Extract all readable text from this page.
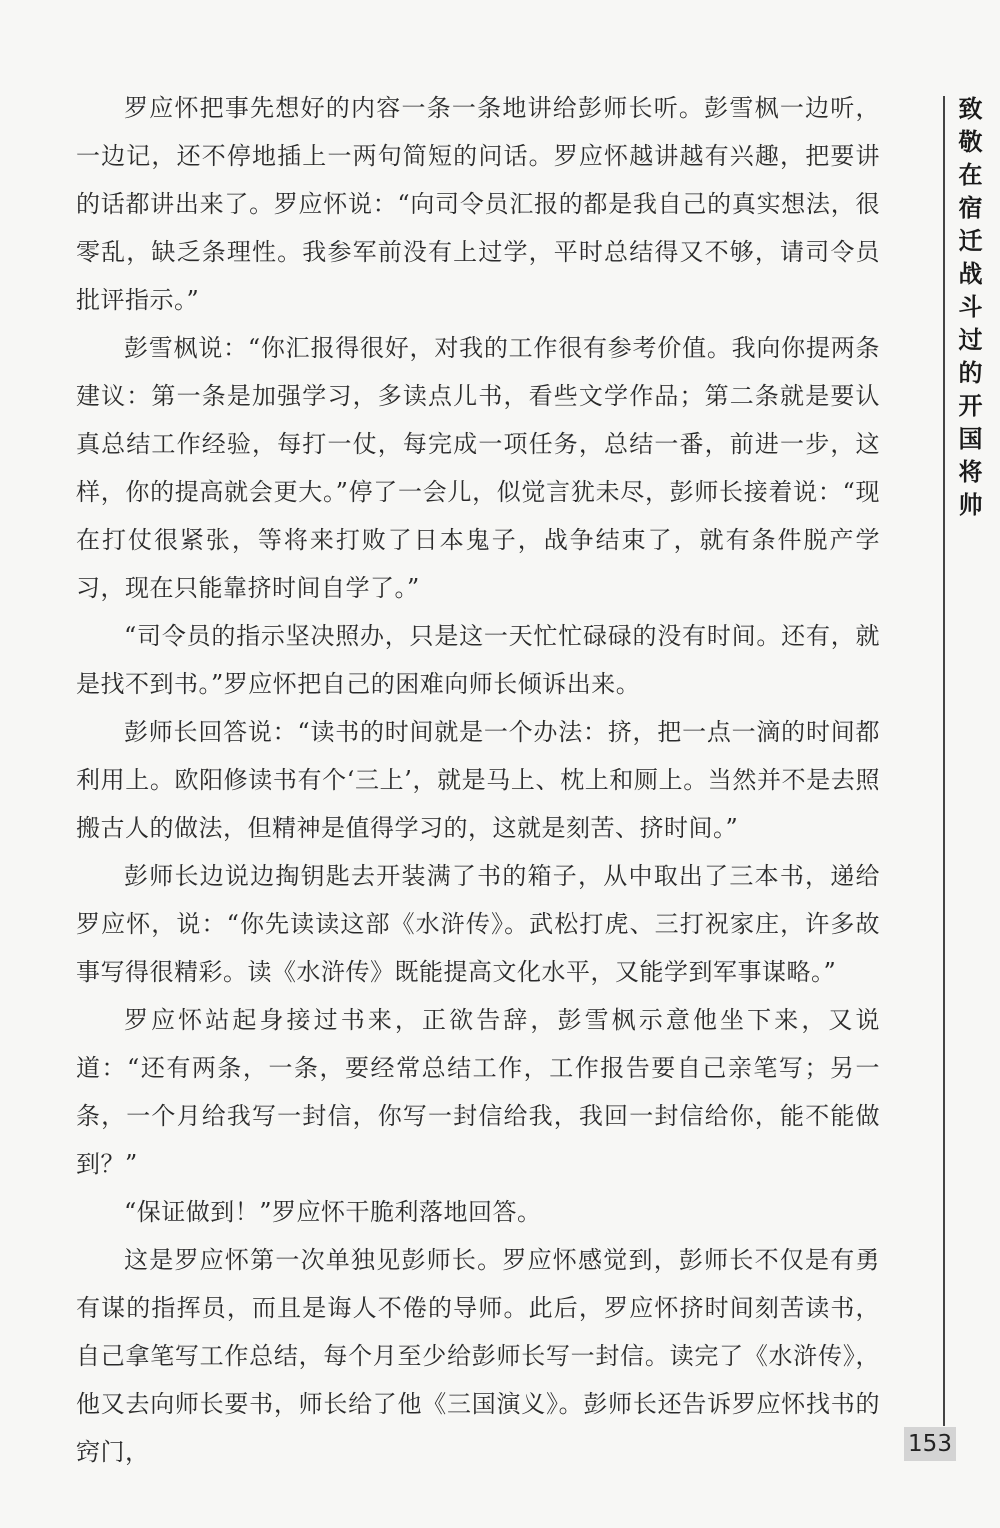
罗应怀把事先想好的内容一条一条地讲给彭师长听。彭雪枫一边听，一边记，还不停地插上一两句简短的问话。罗应怀越讲越有兴趣，把要讲的话都讲出来了。罗应怀说：“向司令员汇报的都是我自己的真实想法，很零乱，缺乏条理性。我参军前没有上过学，平时总结得又不够，请司令员批评指示。”

彭雪枫说：“你汇报得很好，对我的工作很有参考价值。我向你提两条建议：第一条是加强学习，多读点儿书，看些文学作品；第二条就是要认真总结工作经验，每打一仗，每完成一项任务，总结一番，前进一步，这样，你的提高就会更大。”停了一会儿，似觉言犹未尽，彭师长接着说：“现在打仗很紧张，等将来打败了日本鬼子，战争结束了，就有条件脱产学习，现在只能靠挤时间自学了。”

“司令员的指示坚决照办，只是这一天忙忙碌碌的没有时间。还有，就是找不到书。”罗应怀把自己的困难向师长倾诉出来。

彭师长回答说：“读书的时间就是一个办法：挤，把一点一滴的时间都利用上。欧阳修读书有个‘三上’，就是马上、枕上和厕上。当然并不是去照搬古人的做法，但精神是值得学习的，这就是刻苦、挤时间。”

彭师长边说边掏钥匙去开装满了书的箱子，从中取出了三本书，递给罗应怀，说：“你先读读这部《水浒传》。武松打虎、三打祝家庄，许多故事写得很精彩。读《水浒传》既能提高文化水平，又能学到军事谋略。”

罗应怀站起身接过书来，正欲告辞，彭雪枫示意他坐下来，又说道：“还有两条，一条，要经常总结工作，工作报告要自己亲笔写；另一条，一个月给我写一封信，你写一封信给我，我回一封信给你，能不能做到？”

“保证做到！”罗应怀干脆利落地回答。

这是罗应怀第一次单独见彭师长。罗应怀感觉到，彭师长不仅是有勇有谋的指挥员，而且是诲人不倦的导师。此后，罗应怀挤时间刻苦读书，自己拿笔写工作总结，每个月至少给彭师长写一封信。读完了《水浒传》，他又去向师长要书，师长给了他《三国演义》。彭师长还告诉罗应怀找书的窍门，

致敬在宿迁战斗过的开国将帅
153
